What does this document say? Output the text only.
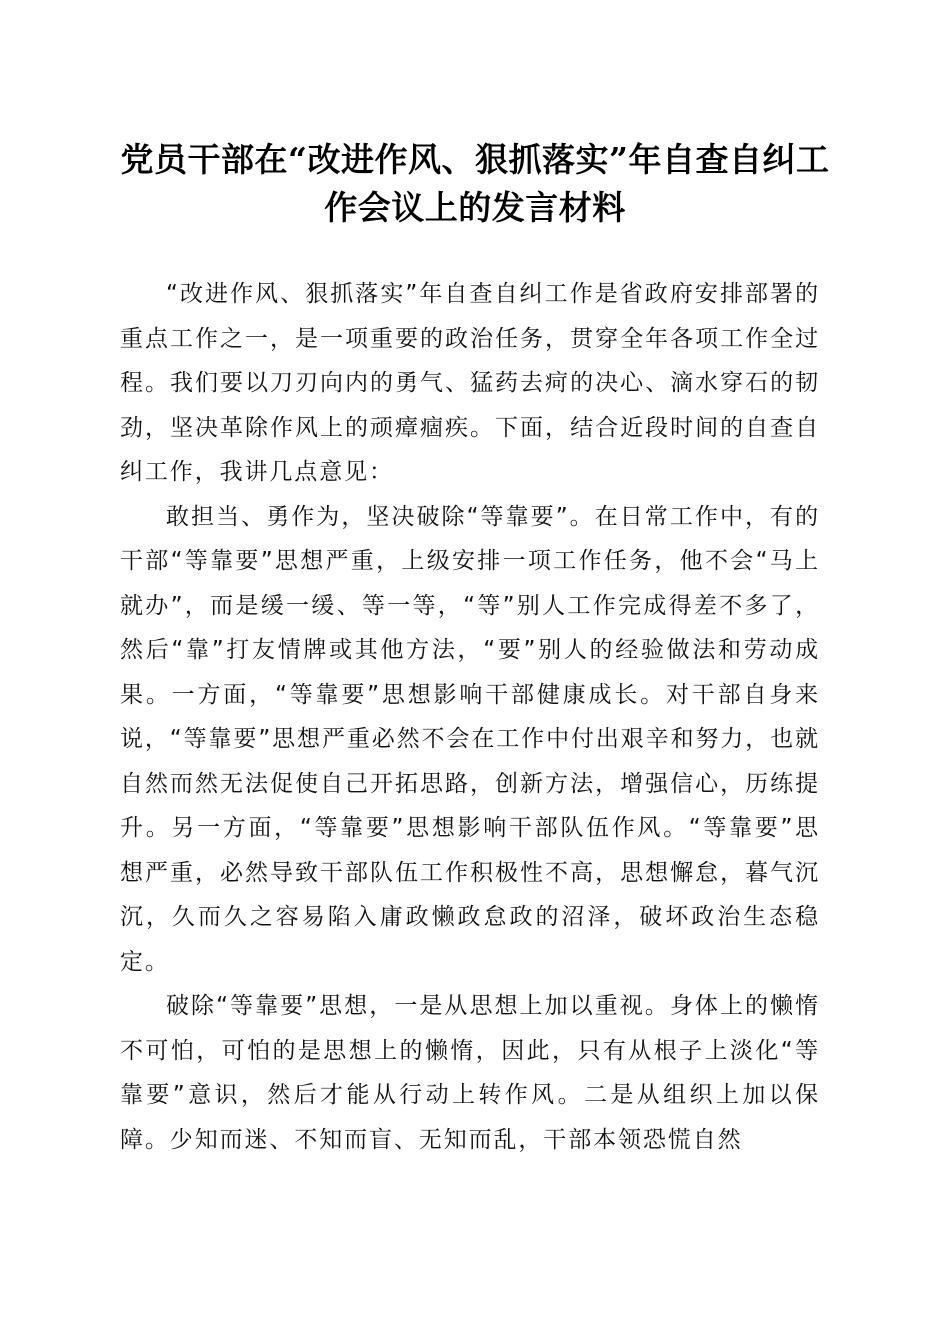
党员干部在“改进作风、狠抓落实”年自查自纠工作会议上的发言材料

“改进作风、狠抓落实”年自查自纠工作是省政府安排部署的重点工作之一，是一项重要的政治任务，贯穿全年各项工作全过程。我们要以刀刃向内的勇气、猛药去疴的决心、滴水穿石的韧劲，坚决革除作风上的顽瘴痼疾。下面，结合近段时间的自查自纠工作，我讲几点意见：

敢担当、勇作为，坚决破除“等靠要”。在日常工作中，有的干部“等靠要”思想严重，上级安排一项工作任务，他不会“马上就办”，而是缓一缓、等一等，“等”别人工作完成得差不多了，然后“靠”打友情牌或其他方法，“要”别人的经验做法和劳动成果。一方面，“等靠要”思想影响干部健康成长。对干部自身来说，“等靠要”思想严重必然不会在工作中付出艰辛和努力，也就自然而然无法促使自己开拓思路，创新方法，增强信心，历练提升。另一方面，“等靠要”思想影响干部队伍作风。“等靠要”思想严重，必然导致干部队伍工作积极性不高，思想懈怠，暮气沉沉，久而久之容易陷入庸政懒政怠政的沼泽，破坏政治生态稳定。

破除“等靠要”思想，一是从思想上加以重视。身体上的懒惰不可怕，可怕的是思想上的懒惰，因此，只有从根子上淡化“等靠要”意识，然后才能从行动上转作风。二是从组织上加以保障。少知而迷、不知而盲、无知而乱，干部本领恐慌自然
